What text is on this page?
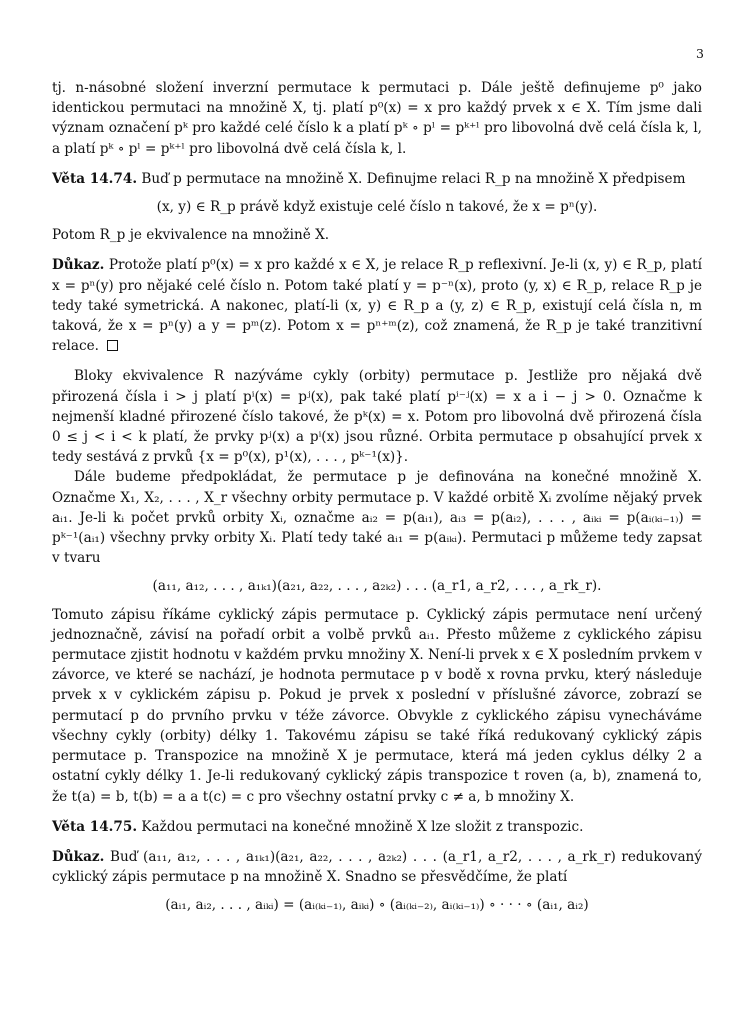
3

tj. n-násobné složení inverzní permutace k permutaci p. Dále ještě definujeme p⁰ jako identickou permutaci na množině X, tj. platí p⁰(x) = x pro každý prvek x ∈ X. Tím jsme dali význam označení pᵏ pro každé celé číslo k a platí pᵏ ∘ pˡ = pᵏ⁺ˡ pro libovolná dvě celá čísla k, l, a platí pᵏ ∘ pˡ = pᵏ⁺ˡ pro libovolná dvě celá čísla k, l.

Věta 14.74. Buď p permutace na množině X. Definujme relaci R_p na množině X předpisem

(x, y) ∈ R_p právě když existuje celé číslo n takové, že x = pⁿ(y).

Potom R_p je ekvivalence na množině X.

Důkaz. Protože platí p⁰(x) = x pro každé x ∈ X, je relace R_p reflexivní. Je-li (x, y) ∈ R_p, platí x = pⁿ(y) pro nějaké celé číslo n. Potom také platí y = p⁻ⁿ(x), proto (y, x) ∈ R_p, relace R_p je tedy také symetrická. A nakonec, platí-li (x, y) ∈ R_p a (y, z) ∈ R_p, existují celá čísla n, m taková, že x = pⁿ(y) a y = pᵐ(z). Potom x = pⁿ⁺ᵐ(z), což znamená, že R_p je také tranzitivní relace.

Bloky ekvivalence R nazýváme cykly (orbity) permutace p. Jestliže pro nějaká dvě přirozená čísla i > j platí pⁱ(x) = pʲ(x), pak také platí pⁱ⁻ʲ(x) = x a i − j > 0. Označme k nejmenší kladné přirozené číslo takové, že pᵏ(x) = x. Potom pro libovolná dvě přirozená čísla 0 ≤ j < i < k platí, že prvky pʲ(x) a pⁱ(x) jsou různé. Orbita permutace p obsahující prvek x tedy sestává z prvků {x = p⁰(x), p¹(x), . . . , pᵏ⁻¹(x)}.

Dále budeme předpokládat, že permutace p je definována na konečné množině X. Označme X₁, X₂, . . . , X_r všechny orbity permutace p. V každé orbitě Xᵢ zvolíme nějaký prvek aᵢ₁. Je-li kᵢ počet prvků orbity Xᵢ, označme aᵢ₂ = p(aᵢ₁), aᵢ₃ = p(aᵢ₂), . . . , aᵢₖᵢ = p(aᵢ₍ₖᵢ₋₁₎) = pᵏ⁻¹(aᵢ₁) všechny prvky orbity Xᵢ. Platí tedy také aᵢ₁ = p(aᵢₖᵢ). Permutaci p můžeme tedy zapsat v tvaru

(a₁₁, a₁₂, . . . , a₁ₖ₁)(a₂₁, a₂₂, . . . , a₂ₖ₂) . . . (a_r1, a_r2, . . . , a_rk_r).

Tomuto zápisu říkáme cyklický zápis permutace p. Cyklický zápis permutace není určený jednoznačně, závisí na pořadí orbit a volbě prvků aᵢ₁. Přesto můžeme z cyklického zápisu permutace zjistit hodnotu v každém prvku množiny X. Není-li prvek x ∈ X posledním prvkem v závorce, ve které se nachází, je hodnota permutace p v bodě x rovna prvku, který následuje prvek x v cyklickém zápisu p. Pokud je prvek x poslední v příslušné závorce, zobrazí se permutací p do prvního prvku v téže závorce. Obvykle z cyklického zápisu vynecháváme všechny cykly (orbity) délky 1. Takovému zápisu se také říká redukovaný cyklický zápis permutace p. Transpozice na množině X je permutace, která má jeden cyklus délky 2 a ostatní cykly délky 1. Je-li redukovaný cyklický zápis transpozice t roven (a, b), znamená to, že t(a) = b, t(b) = a a t(c) = c pro všechny ostatní prvky c ≠ a, b množiny X.

Věta 14.75. Každou permutaci na konečné množině X lze složit z transpozic.

Důkaz. Buď (a₁₁, a₁₂, . . . , a₁ₖ₁)(a₂₁, a₂₂, . . . , a₂ₖ₂) . . . (a_r1, a_r2, . . . , a_rk_r) redukovaný cyklický zápis permutace p na množině X. Snadno se přesvědčíme, že platí

(aᵢ₁, aᵢ₂, . . . , aᵢₖᵢ) = (aᵢ₍ₖᵢ₋₁₎, aᵢₖᵢ) ∘ (aᵢ₍ₖᵢ₋₂₎, aᵢ₍ₖᵢ₋₁₎) ∘ · · · ∘ (aᵢ₁, aᵢ₂)
